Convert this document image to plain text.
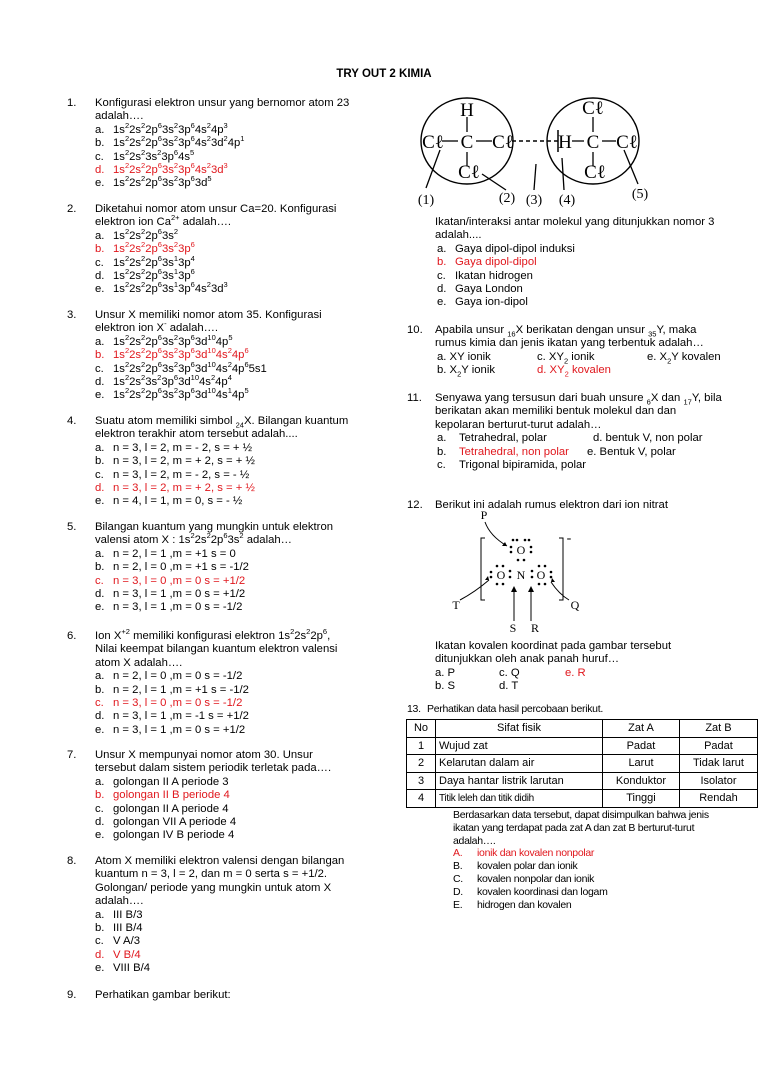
TRY OUT 2 KIMIA
1. Konfigurasi elektron unsur yang bernomor atom 23
adalah….
a. $1s^22s^22p^63s^23p^64s^24p^3$
b. $1s^22s^22p^63s^23p^64s^23d^24p^1$
c. $1s^22s^23s^23p^64s^5$
d. $1s^22s^22p^63s^23p^64s^23d^3$
e. $1s^22s^22p^63s^23p^63d^5$
2. Diketahui nomor atom unsur Ca=20. Konfigurasi
elektron ion $Ca^{2+}$ adalah….
a. $1s^22s^22p^63s^2$
b. $1s^22s^22p^63s^23p^6$
c. $1s^22s^22p^63s^13p^4$
d. $1s^22s^22p^63s^13p^6$
e. $1s^22s^22p^63s^13p^64s^23d^3$
3. Unsur X memiliki nomor atom 35. Konfigurasi
elektron ion X- adalah….
a. $1s^22s^22p^63s^23p^63d^{10}4p^5$
b. $1s^22s^22p^63s^23p^63d^{10}4s^24p^6$
c. $1s^22s^22p^63s^23p^63d^{10}4s^24p^65s1$
d. $1s^22s^23s^23p^63d^{10}4s^24p^4$
e. $1s^22s^22p^63s^23p^63d^{10}4s^14p^5$
4. Suatu atom memiliki simbol $_{24}$X. Bilangan kuantum
elektron terakhir atom tersebut adalah....
a. n = 3, l = 2, m = - 2, s = + ½
b. n = 3, l = 2, m = + 2, s = + ½
c. n = 3, l = 2, m = - 2, s = - ½
d. n = 3, l = 2, m = + 2, s = + ½
e. n = 4, l = 1, m = 0, s = - ½
5. Bilangan kuantum yang mungkin untuk elektron
valensi atom X : $1s^22s^22p^63s^2$ adalah…
a. n = 2, l = 1 ,m = +1 s = 0
b. n = 2, l = 0 ,m = +1 s = -1/2
c. n = 3, l = 0 ,m = 0 s = +1/2
d. n = 3, l = 1 ,m = 0 s = +1/2
e. n = 3, l = 1 ,m = 0 s = -1/2
6. Ion $X^{+2}$ memiliki konfigurasi elektron $1s^22s^22p^6$,
Nilai keempat bilangan kuantum elektron valensi
atom X adalah….
a. n = 2, l = 0 ,m = 0 s = -1/2
b. n = 2, l = 1 ,m = +1 s = -1/2
c. n = 3, l = 0 ,m = 0 s = -1/2
d. n = 3, l = 1 ,m = -1 s = +1/2
e. n = 3, l = 1 ,m = 0 s = +1/2
7. Unsur X mempunyai nomor atom 30. Unsur
tersebut dalam sistem periodik terletak pada….
a. golongan II A periode 3
b. golongan II B periode 4
c. golongan II A periode 4
d. golongan VII A periode 4
e. golongan IV B periode 4
8. Atom X memiliki elektron valensi dengan bilangan
kuantum n = 3, l = 2, dan m = 0 serta s = +1/2.
Golongan/ periode yang mungkin untuk atom X
adalah….
a. III B/3
b. III B/4
c. V A/3
d. V B/4
e. VIII B/4
9. Perhatikan gambar berikut:
H
C
Cℓ	Cℓ
Cℓ
Cℓ
H C Cℓ
Cℓ
(1)	(2) (3) (4)	(5)
Ikatan/interaksi antar molekul yang ditunjukkan nomor 3
adalah....
a. Gaya dipol-dipol induksi
b. Gaya dipol-dipol
c. Ikatan hidrogen
d. Gaya London
e. Gaya ion-dipol
10. Apabila unsur $_{16}$X berikatan dengan unsur $_{35}$Y, maka
rumus kimia dan jenis ikatan yang terbentuk adalah…
a. XY ionik	c. $XY_2$ ionik	e. $X_2Y$ kovalen
b. $X_2Y$ ionik	d. $XY_2$ kovalen
11. Senyawa yang tersusun dari buah unsure $_6$X dan $_{17}$Y, bila
berikatan akan memiliki bentuk molekul dan dan
kepolaran berturut-turut adalah…
a. Tetrahedral, polar	d. bentuk V, non polar
b. Tetrahedral, non polar e. Bentuk V, polar
c. Trigonal bipiramida, polar
12. Berikut ini adalah rumus elektron dari ion nitrat
P
O
O N O
T	Q
S R
-
Ikatan kovalen koordinat pada gambar tersebut
ditunjukkan oleh anak panah huruf…
a. P	c. Q	e. R
b. S	d. T
13. Perhatikan data hasil percobaan berikut.
No	Sifat fisik	Zat A	Zat B
1	Wujud zat	Padat	Padat
2	Kelarutan dalam air	Larut	Tidak larut
3	Daya hantar listrik larutan	Konduktor	Isolator
4	Titik leleh dan titik didih	Tinggi	Rendah
Berdasarkan data tersebut, dapat disimpulkan bahwa jenis
ikatan yang terdapat pada zat A dan zat B berturut-turut
adalah….
A. ionik dan kovalen nonpolar
B. kovalen polar dan ionik
C. kovalen nonpolar dan ionik
D. kovalen koordinasi dan logam
E. hidrogen dan kovalen
